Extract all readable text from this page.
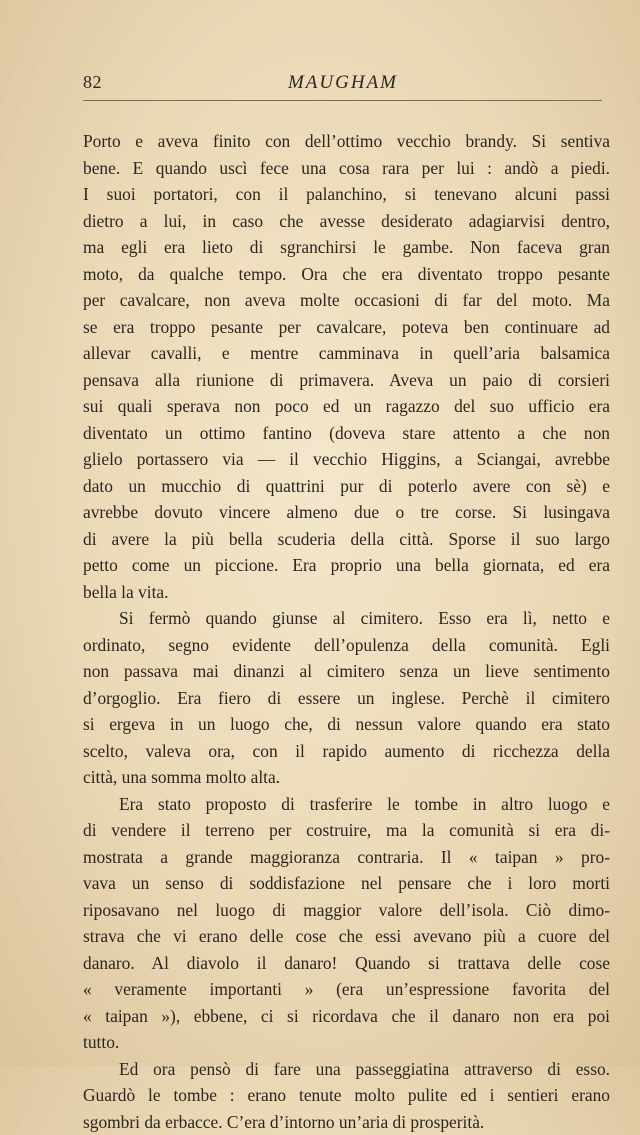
82	MAUGHAM
Porto e aveva finito con dell’ottimo vecchio brandy. Si sentiva
bene. E quando uscì fece una cosa rara per lui : andò a piedi.
I suoi portatori, con il palanchino, si tenevano alcuni passi
dietro a lui, in caso che avesse desiderato adagiarvisi dentro,
ma egli era lieto di sgranchirsi le gambe. Non faceva gran
moto, da qualche tempo. Ora che era diventato troppo pesante
per cavalcare, non aveva molte occasioni di far del moto. Ma
se era troppo pesante per cavalcare, poteva ben continuare ad
allevar cavalli, e mentre camminava in quell’aria balsamica
pensava alla riunione di primavera. Aveva un paio di corsieri
sui quali sperava non poco ed un ragazzo del suo ufficio era
diventato un ottimo fantino (doveva stare attento a che non
glielo portassero via — il vecchio Higgins, a Sciangai, avrebbe
dato un mucchio di quattrini pur di poterlo avere con sè) e
avrebbe dovuto vincere almeno due o tre corse. Si lusingava
di avere la più bella scuderia della città. Sporse il suo largo
petto come un piccione. Era proprio una bella giornata, ed era
bella la vita.
Si fermò quando giunse al cimitero. Esso era lì, netto e
ordinato, segno evidente dell’opulenza della comunità. Egli
non passava mai dinanzi al cimitero senza un lieve sentimento
d’orgoglio. Era fiero di essere un inglese. Perchè il cimitero
si ergeva in un luogo che, di nessun valore quando era stato
scelto, valeva ora, con il rapido aumento di ricchezza della
città, una somma molto alta.
Era stato proposto di trasferire le tombe in altro luogo e
di vendere il terreno per costruire, ma la comunità si era di-
mostrata a grande maggioranza contraria. Il « taipan » pro-
vava un senso di soddisfazione nel pensare che i loro morti
riposavano nel luogo di maggior valore dell’isola. Ciò dimo-
strava che vi erano delle cose che essi avevano più a cuore del
danaro. Al diavolo il danaro! Quando si trattava delle cose
« veramente importanti » (era un’espressione favorita del
« taipan »), ebbene, ci si ricordava che il danaro non era poi
tutto.
Ed ora pensò di fare una passeggiatina attraverso di esso.
Guardò le tombe : erano tenute molto pulite ed i sentieri erano
sgombri da erbacce. C’era d’intorno un’aria di prosperità.
